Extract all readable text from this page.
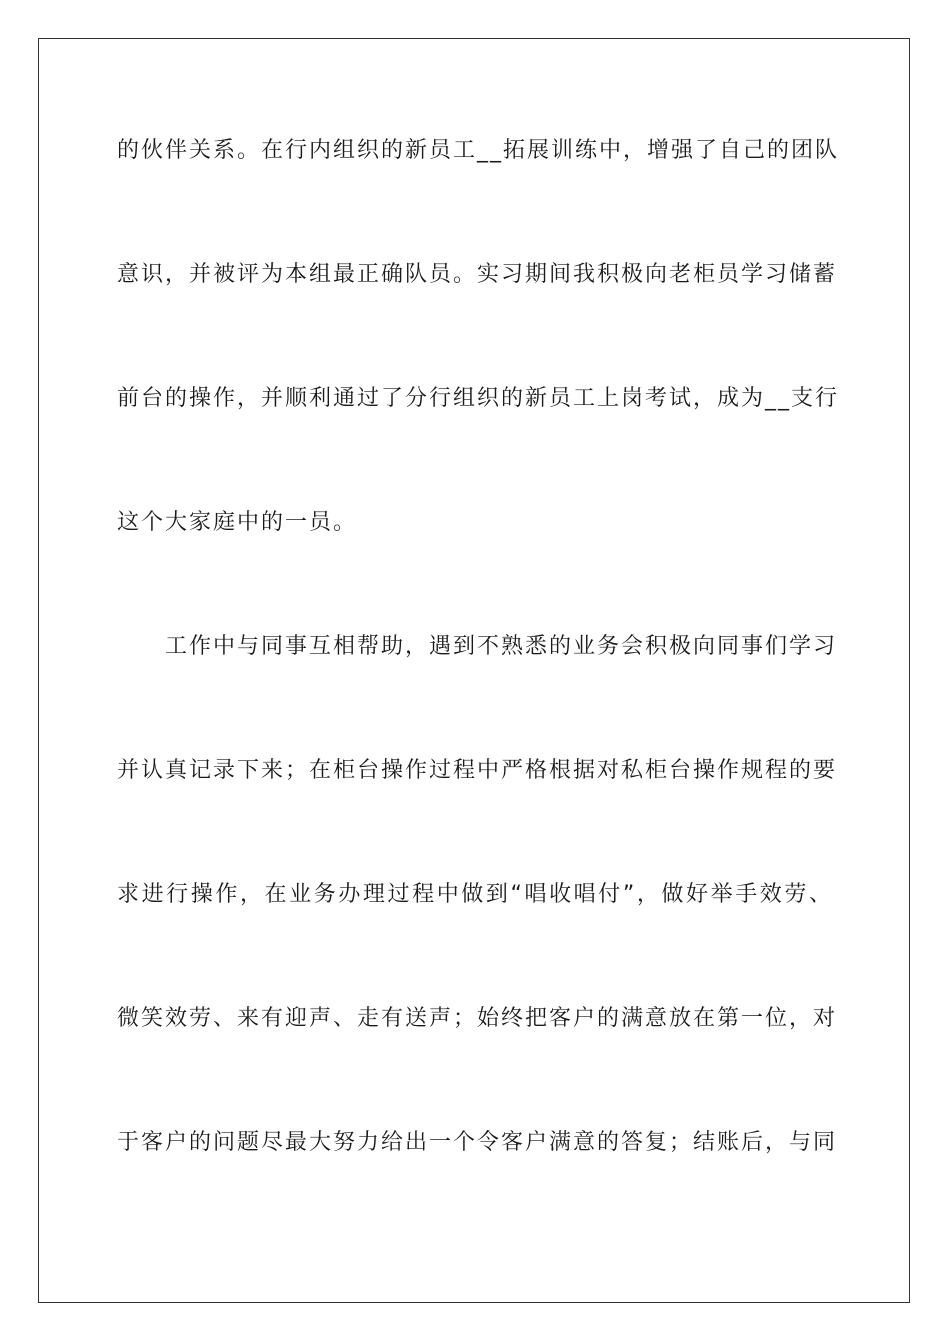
的伙伴关系。在行内组织的新员工__拓展训练中，增强了自己的团队
意识，并被评为本组最正确队员。实习期间我积极向老柜员学习储蓄
前台的操作，并顺利通过了分行组织的新员工上岗考试，成为__支行
这个大家庭中的一员。
工作中与同事互相帮助，遇到不熟悉的业务会积极向同事们学习
并认真记录下来；在柜台操作过程中严格根据对私柜台操作规程的要
求进行操作，在业务办理过程中做到“唱收唱付”，做好举手效劳、
微笑效劳、来有迎声、走有送声；始终把客户的满意放在第一位，对
于客户的问题尽最大努力给出一个令客户满意的答复；结账后，与同
